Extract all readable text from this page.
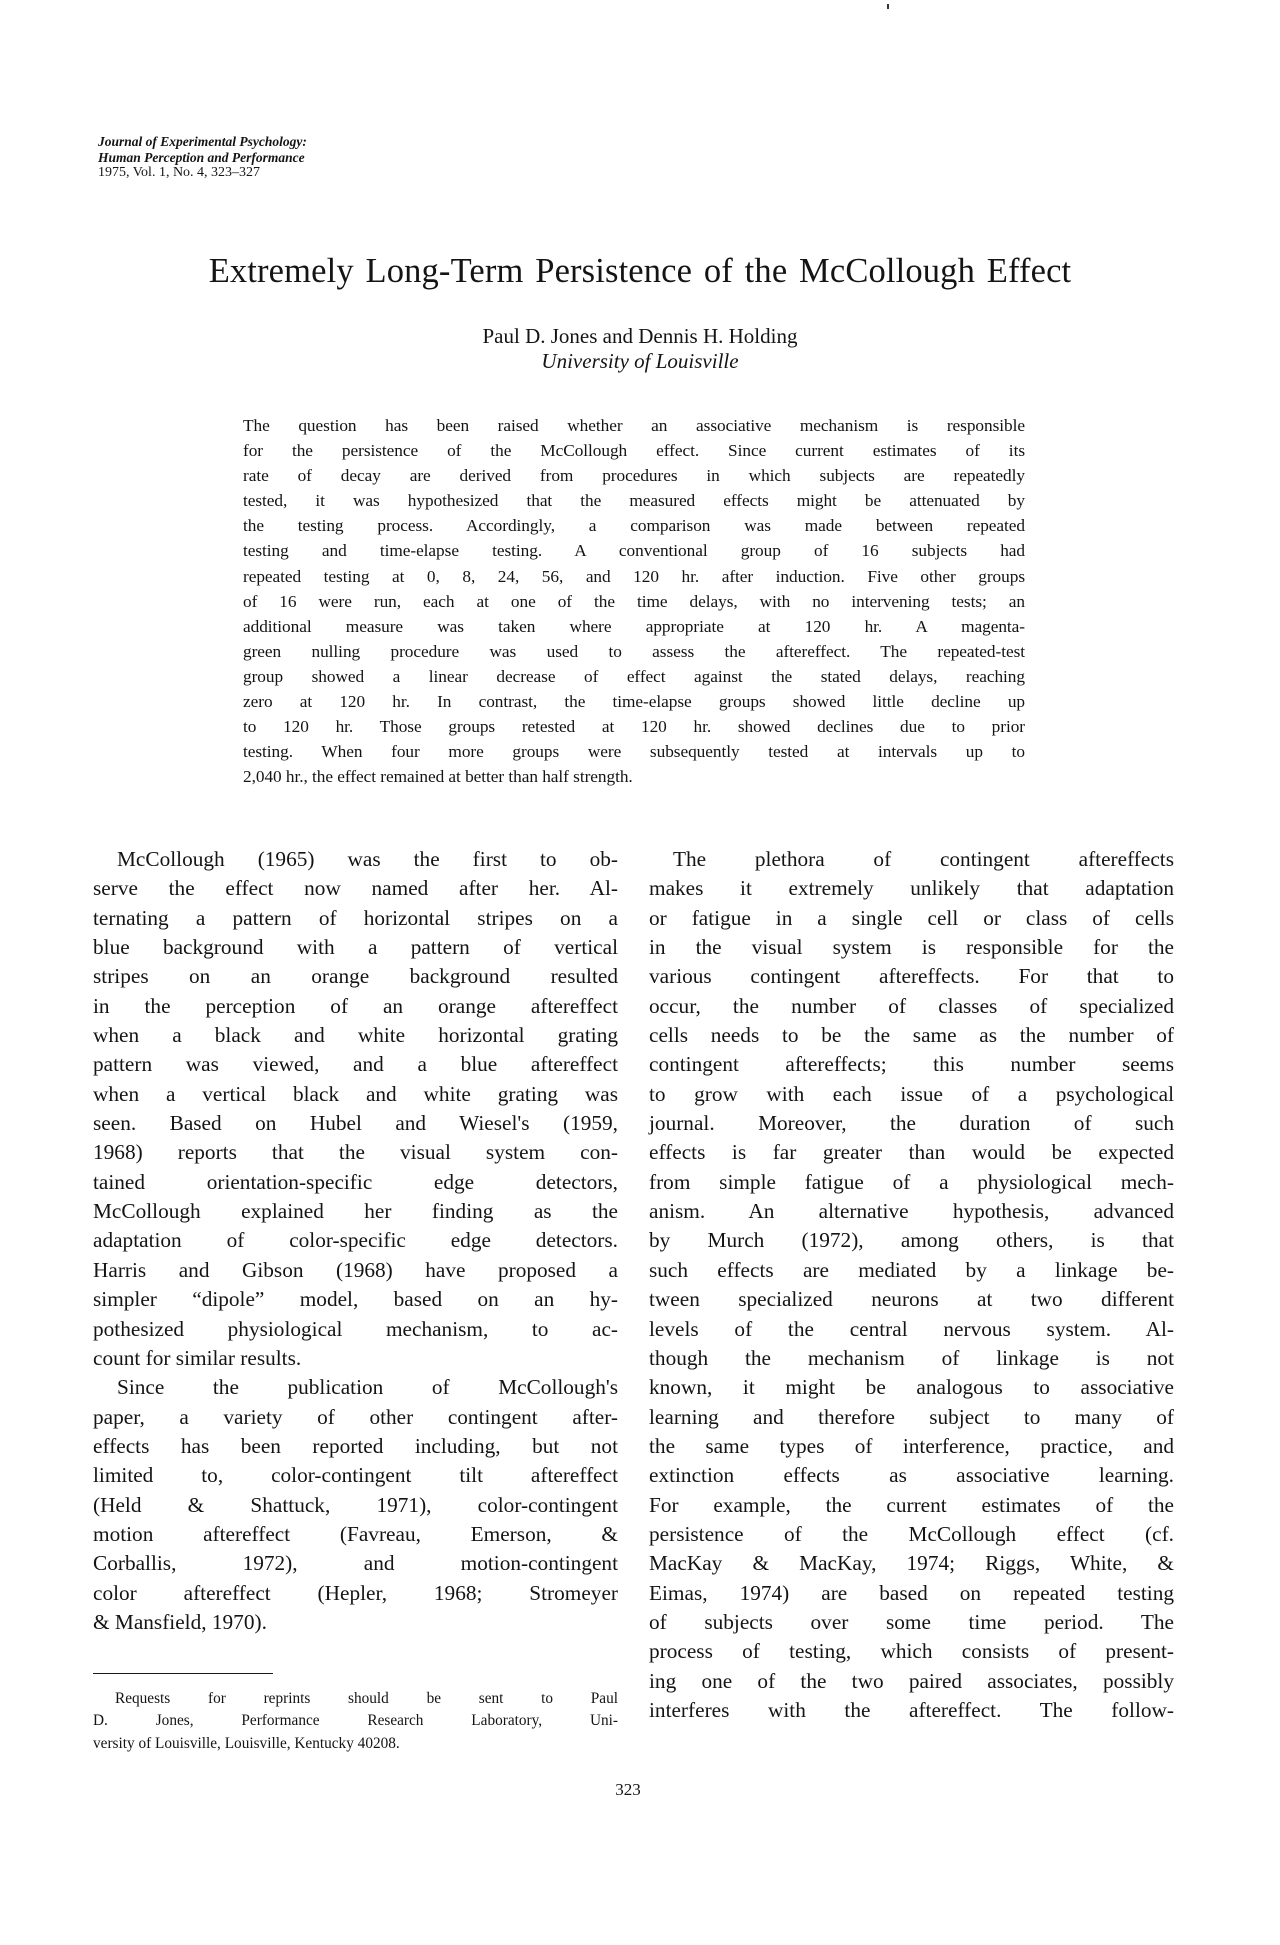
Journal of Experimental Psychology:
Human Perception and Performance
1975, Vol. 1, No. 4, 323–327
Extremely Long-Term Persistence of the McCollough Effect
Paul D. Jones and Dennis H. Holding
University of Louisville
The question has been raised whether an associative mechanism is responsible
for the persistence of the McCollough effect. Since current estimates of its
rate of decay are derived from procedures in which subjects are repeatedly
tested, it was hypothesized that the measured effects might be attenuated by
the testing process. Accordingly, a comparison was made between repeated
testing and time-elapse testing. A conventional group of 16 subjects had
repeated testing at 0, 8, 24, 56, and 120 hr. after induction. Five other groups
of 16 were run, each at one of the time delays, with no intervening tests; an
additional measure was taken where appropriate at 120 hr. A magenta-
green nulling procedure was used to assess the aftereffect. The repeated-test
group showed a linear decrease of effect against the stated delays, reaching
zero at 120 hr. In contrast, the time-elapse groups showed little decline up
to 120 hr. Those groups retested at 120 hr. showed declines due to prior
testing. When four more groups were subsequently tested at intervals up to
2,040 hr., the effect remained at better than half strength.
McCollough (1965) was the first to ob-
serve the effect now named after her. Al-
ternating a pattern of horizontal stripes on a
blue background with a pattern of vertical
stripes on an orange background resulted
in the perception of an orange aftereffect
when a black and white horizontal grating
pattern was viewed, and a blue aftereffect
when a vertical black and white grating was
seen. Based on Hubel and Wiesel's (1959,
1968) reports that the visual system con-
tained orientation-specific edge detectors,
McCollough explained her finding as the
adaptation of color-specific edge detectors.
Harris and Gibson (1968) have proposed a
simpler “dipole” model, based on an hy-
pothesized physiological mechanism, to ac-
count for similar results.
Since the publication of McCollough's
paper, a variety of other contingent after-
effects has been reported including, but not
limited to, color-contingent tilt aftereffect
(Held & Shattuck, 1971), color-contingent
motion aftereffect (Favreau, Emerson, &
Corballis, 1972), and motion-contingent
color aftereffect (Hepler, 1968; Stromeyer
& Mansfield, 1970).
Requests for reprints should be sent to Paul
D. Jones, Performance Research Laboratory, Uni-
versity of Louisville, Louisville, Kentucky 40208.
The plethora of contingent aftereffects
makes it extremely unlikely that adaptation
or fatigue in a single cell or class of cells
in the visual system is responsible for the
various contingent aftereffects. For that to
occur, the number of classes of specialized
cells needs to be the same as the number of
contingent aftereffects; this number seems
to grow with each issue of a psychological
journal. Moreover, the duration of such
effects is far greater than would be expected
from simple fatigue of a physiological mech-
anism. An alternative hypothesis, advanced
by Murch (1972), among others, is that
such effects are mediated by a linkage be-
tween specialized neurons at two different
levels of the central nervous system. Al-
though the mechanism of linkage is not
known, it might be analogous to associative
learning and therefore subject to many of
the same types of interference, practice, and
extinction effects as associative learning.
For example, the current estimates of the
persistence of the McCollough effect (cf.
MacKay & MacKay, 1974; Riggs, White, &
Eimas, 1974) are based on repeated testing
of subjects over some time period. The
process of testing, which consists of present-
ing one of the two paired associates, possibly
interferes with the aftereffect. The follow-
323
